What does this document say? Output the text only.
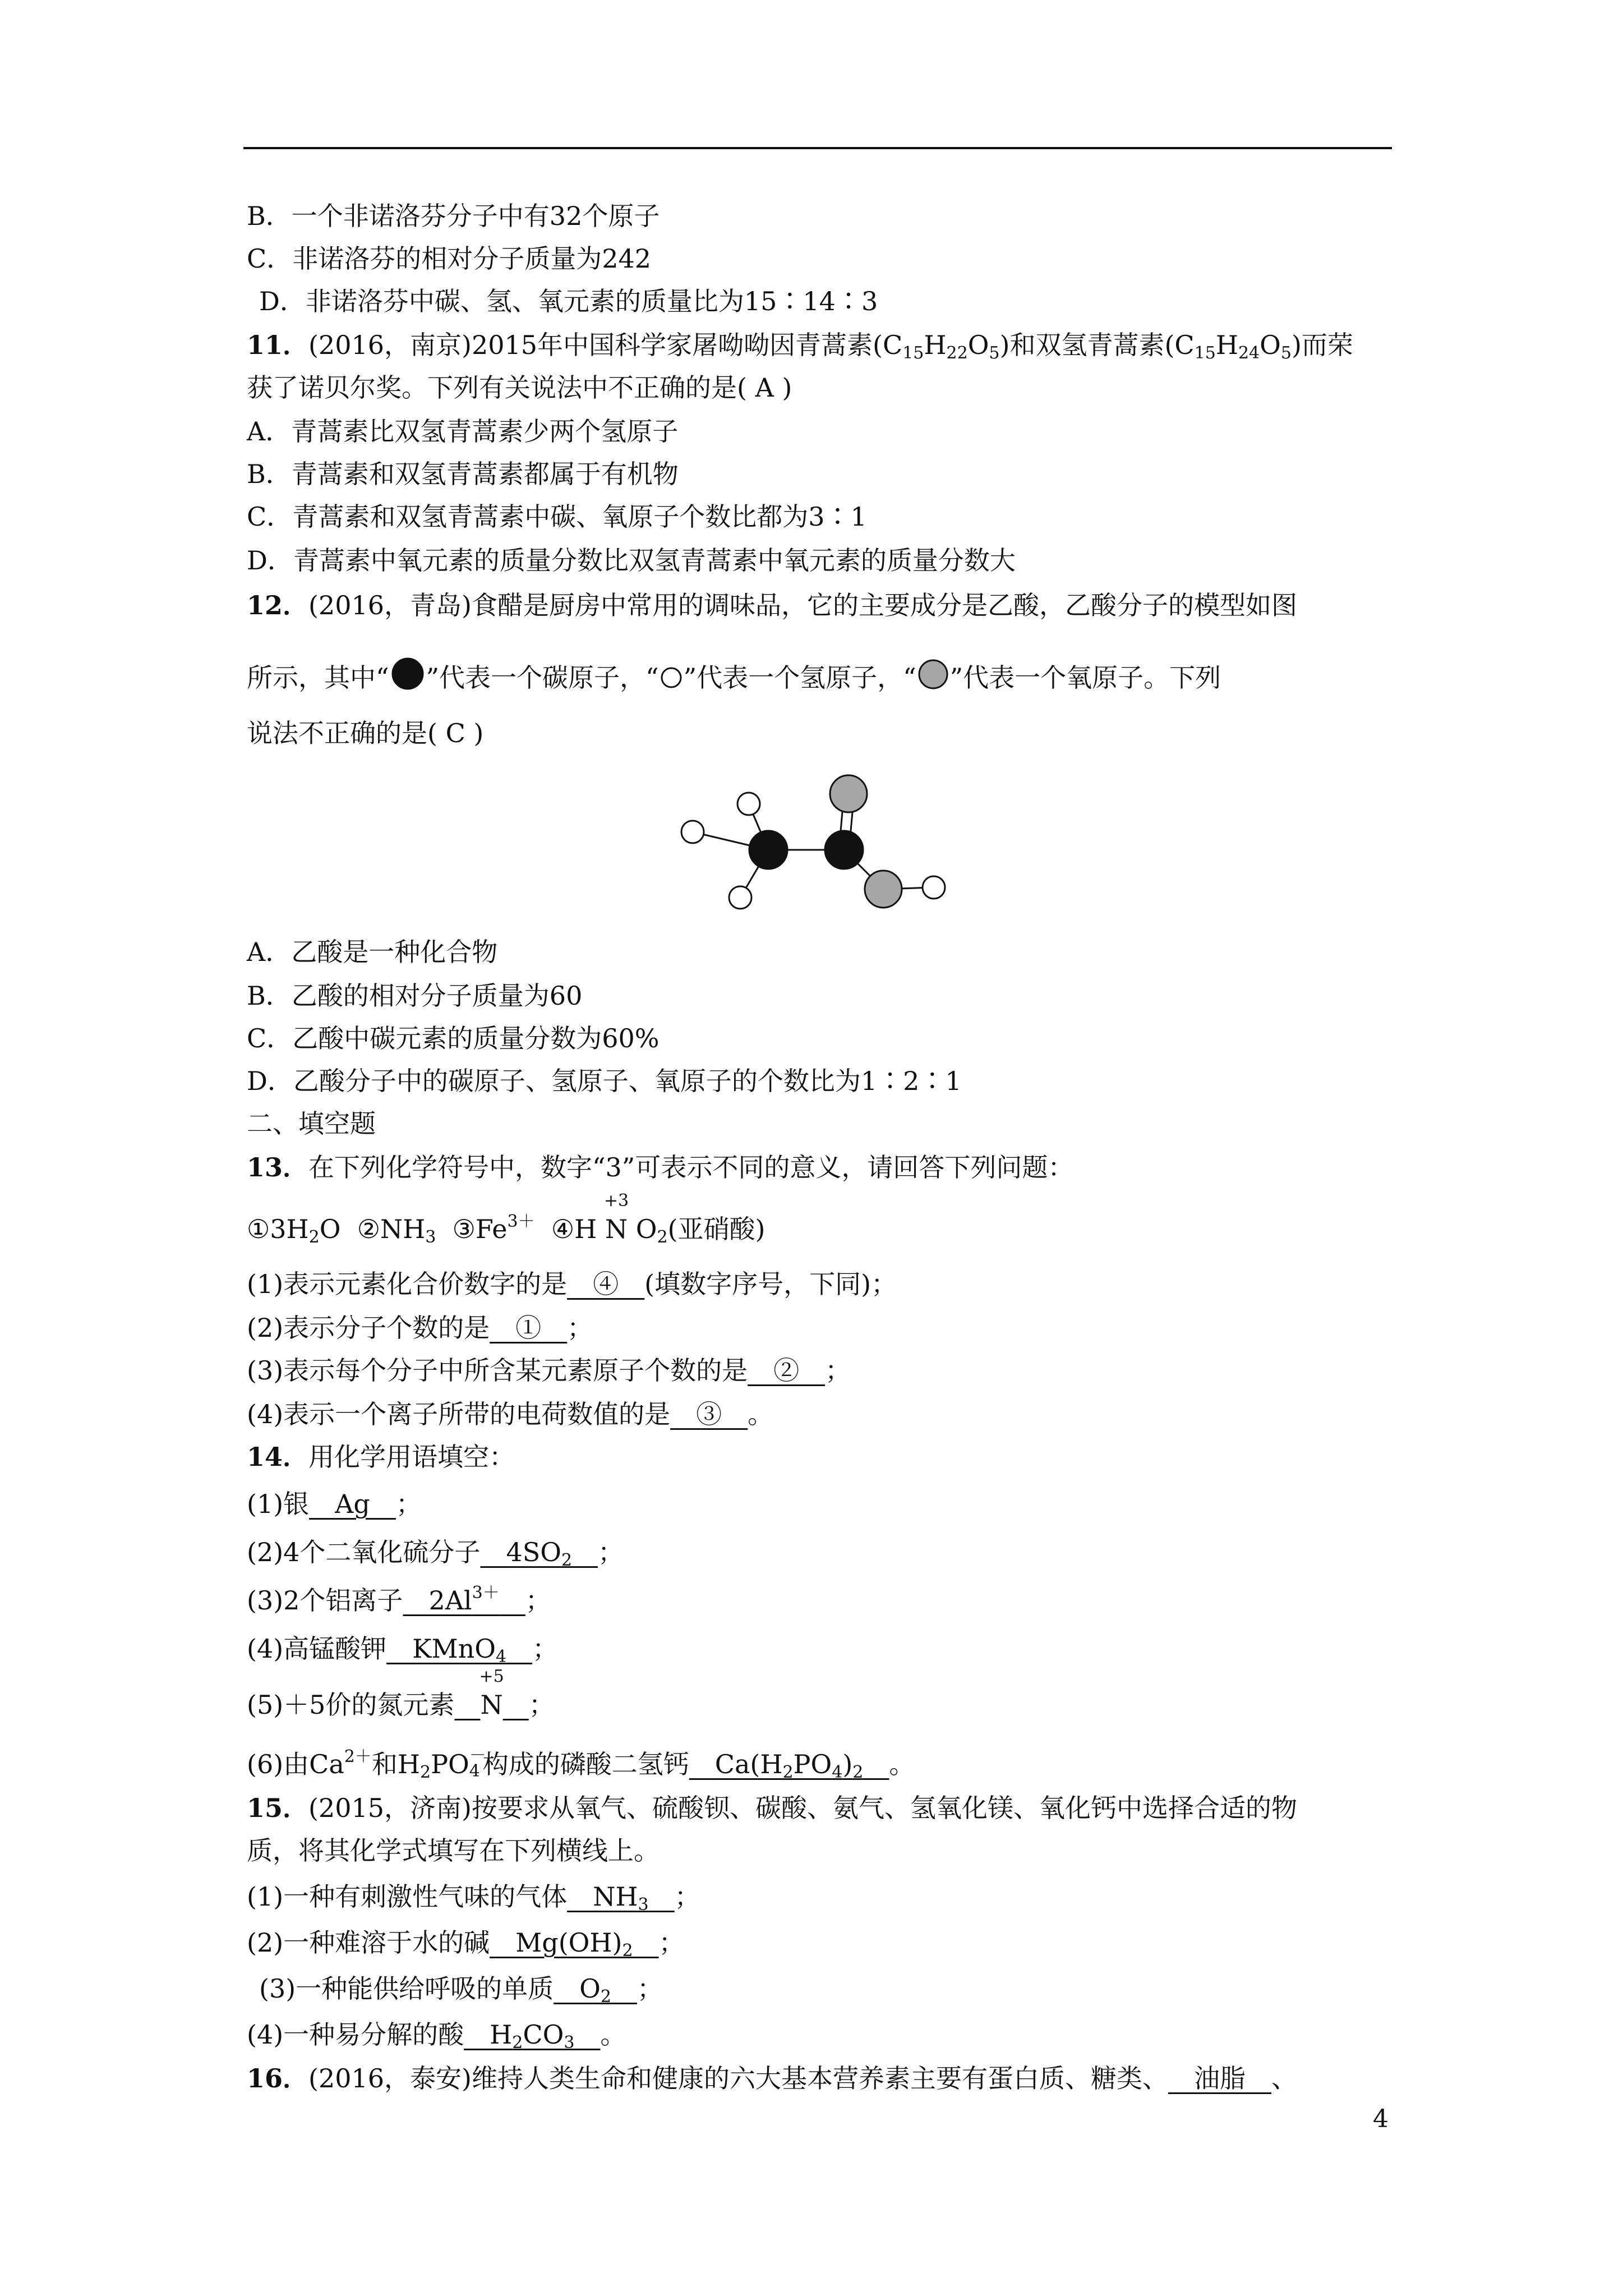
B．一个非诺洛芬分子中有32个原子
C．非诺洛芬的相对分子质量为242
D．非诺洛芬中碳、氢、氧元素的质量比为15∶14∶3
11．(2016，南京)2015年中国科学家屠呦呦因青蒿素$(C_{15}H_{22}O_5)$和双氢青蒿素$(C_{15}H_{24}O_5)$而荣
获了诺贝尔奖。下列有关说法中不正确的是( A )
A．青蒿素比双氢青蒿素少两个氢原子
B．青蒿素和双氢青蒿素都属于有机物
C．青蒿素和双氢青蒿素中碳、氧原子个数比都为3∶1
D．青蒿素中氧元素的质量分数比双氢青蒿素中氧元素的质量分数大
12．(2016，青岛)食醋是厨房中常用的调味品，它的主要成分是乙酸，乙酸分子的模型如图
所示，其中“ ”代表一个碳原子，“ ”代表一个氢原子，“ ”代表一个氧原子。下列
说法不正确的是( C )
A．乙酸是一种化合物
B．乙酸的相对分子质量为60
C．乙酸中碳元素的质量分数为60%
D．乙酸分子中的碳原子、氢原子、氧原子的个数比为1∶2∶1
二、填空题
13．在下列化学符号中，数字“3”可表示不同的意义，请回答下列问题：
$①3H_2O$ $②NH_3$ $③Fe^{3+}$ ④H
+3
N $O_2$(亚硝酸)
(1)表示元素化合价数字的是__④__(填数字序号，下同)；
(2)表示分子个数的是__①__；
(3)表示每个分子中所含某元素原子个数的是__②__；
(4)表示一个离子所带的电荷数值的是__③__。
14．用化学用语填空：
(1)银__Ag__；
(2)4个二氧化硫分子$\_\_4SO_2\_\_$；
(3)2个铝离子$\_\_2Al^{3+}\_\_$；
(4)高锰酸钾__KMnO$_4$__；
(5)＋5价的氮元素__
+5
N__；
(6)由$Ca^{2+}$和$H_2PO$ －
4 构成的磷酸二氢钙$\_\_Ca(H_2PO_4)_2\_\_$。
15．(2015，济南)按要求从氧气、硫酸钡、碳酸、氨气、氢氧化镁、氧化钙中选择合适的物
质，将其化学式填写在下列横线上。
(1)一种有刺激性气味的气体$\_\_NH_3\_\_$；
(2)一种难溶于水的碱$\_\_Mg(OH)_2\_\_$；
(3)一种能供给呼吸的单质$\_\_O_2\_\_$；
(4)一种易分解的酸$\_\_H_2CO_3\_\_$。
16．(2016，泰安)维持人类生命和健康的六大基本营养素主要有蛋白质、糖类、__油脂__、
4
